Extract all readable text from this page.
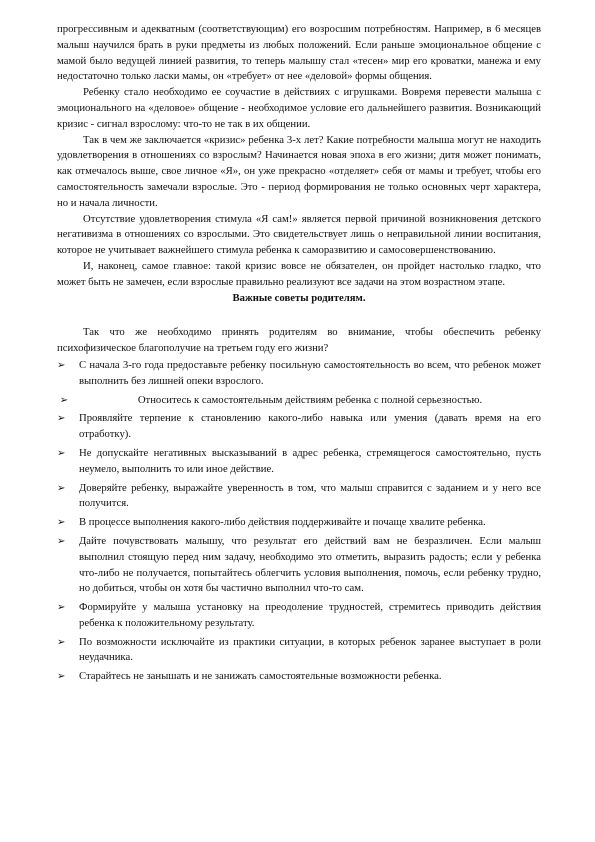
прогрессивным и адекватным (соответствующим) его возросшим потребностям. Например, в 6 месяцев малыш научился брать в руки предметы из любых положений. Если раньше эмоциональное общение с мамой было ведущей линией развития, то теперь малышу стал «тесен» мир его кроватки, манежа и ему недостаточно только ласки мамы, он «требует» от нее «деловой» формы общения.

Ребенку стало необходимо ее соучастие в действиях с игрушками. Вовремя перевести малыша с эмоционального на «деловое» общение - необходимое условие его дальнейшего развития. Возникающий кризис - сигнал взрослому: что-то не так в их общении.

Так в чем же заключается «кризис» ребенка 3-х лет? Какие потребности малыша могут не находить удовлетворения в отношениях со взрослым? Начинается новая эпоха в его жизни; дитя может понимать, как отмечалось выше, свое личное «Я», он уже прекрасно «отделяет» себя от мамы и требует, чтобы его самостоятельность замечали взрослые. Это - период формирования не только основных черт характера, но и начала личности.

Отсутствие удовлетворения стимула «Я сам!» является первой причиной возникновения детского негативизма в отношениях со взрослыми. Это свидетельствует лишь о неправильной линии воспитания, которое не учитывает важнейшего стимула ребенка к саморазвитию и самосовершенствованию.

И, наконец, самое главное: такой кризис вовсе не обязателен, он пройдет настолько гладко, что может быть не замечен, если взрослые правильно реализуют все задачи на этом возрастном этапе.

Важные советы родителям.

Так что же необходимо принять родителям во внимание, чтобы обеспечить ребенку психофизическое благополучие на третьем году его жизни?

➢	С начала 3-го года предоставьте ребенку посильную самостоятельность во всем, что ребенок может выполнить без лишней опеки взрослого.
➢	Относитесь к самостоятельным действиям ребенка с полной серьезностью.
➢	Проявляйте терпение к становлению какого-либо навыка или умения (давать время на его отработку).
➢	Не допускайте негативных высказываний в адрес ребенка, стремящегося самостоятельно, пусть неумело, выполнить то или иное действие.
➢	Доверяйте ребенку, выражайте уверенность в том, что малыш справится с заданием и у него все получится.
➢	В процессе выполнения какого-либо действия поддерживайте и почаще хвалите ребенка.
➢	Дайте почувствовать малышу, что результат его действий вам не безразличен. Если малыш выполнил стоящую перед ним задачу, необходимо это отметить, выразить радость; если у ребенка что-либо не получается, попытайтесь облегчить условия выполнения, помочь, если ребенку трудно, но добиться, чтобы он хотя бы частично выполнил что-то сам.
➢	Формируйте у малыша установку на преодоление трудностей, стремитесь приводить действия ребенка к положительному результату.
➢	По возможности исключайте из практики ситуации, в которых ребенок заранее выступает в роли неудачника.
➢	Старайтесь не занышать и не занижать самостоятельные возможности ребенка.
